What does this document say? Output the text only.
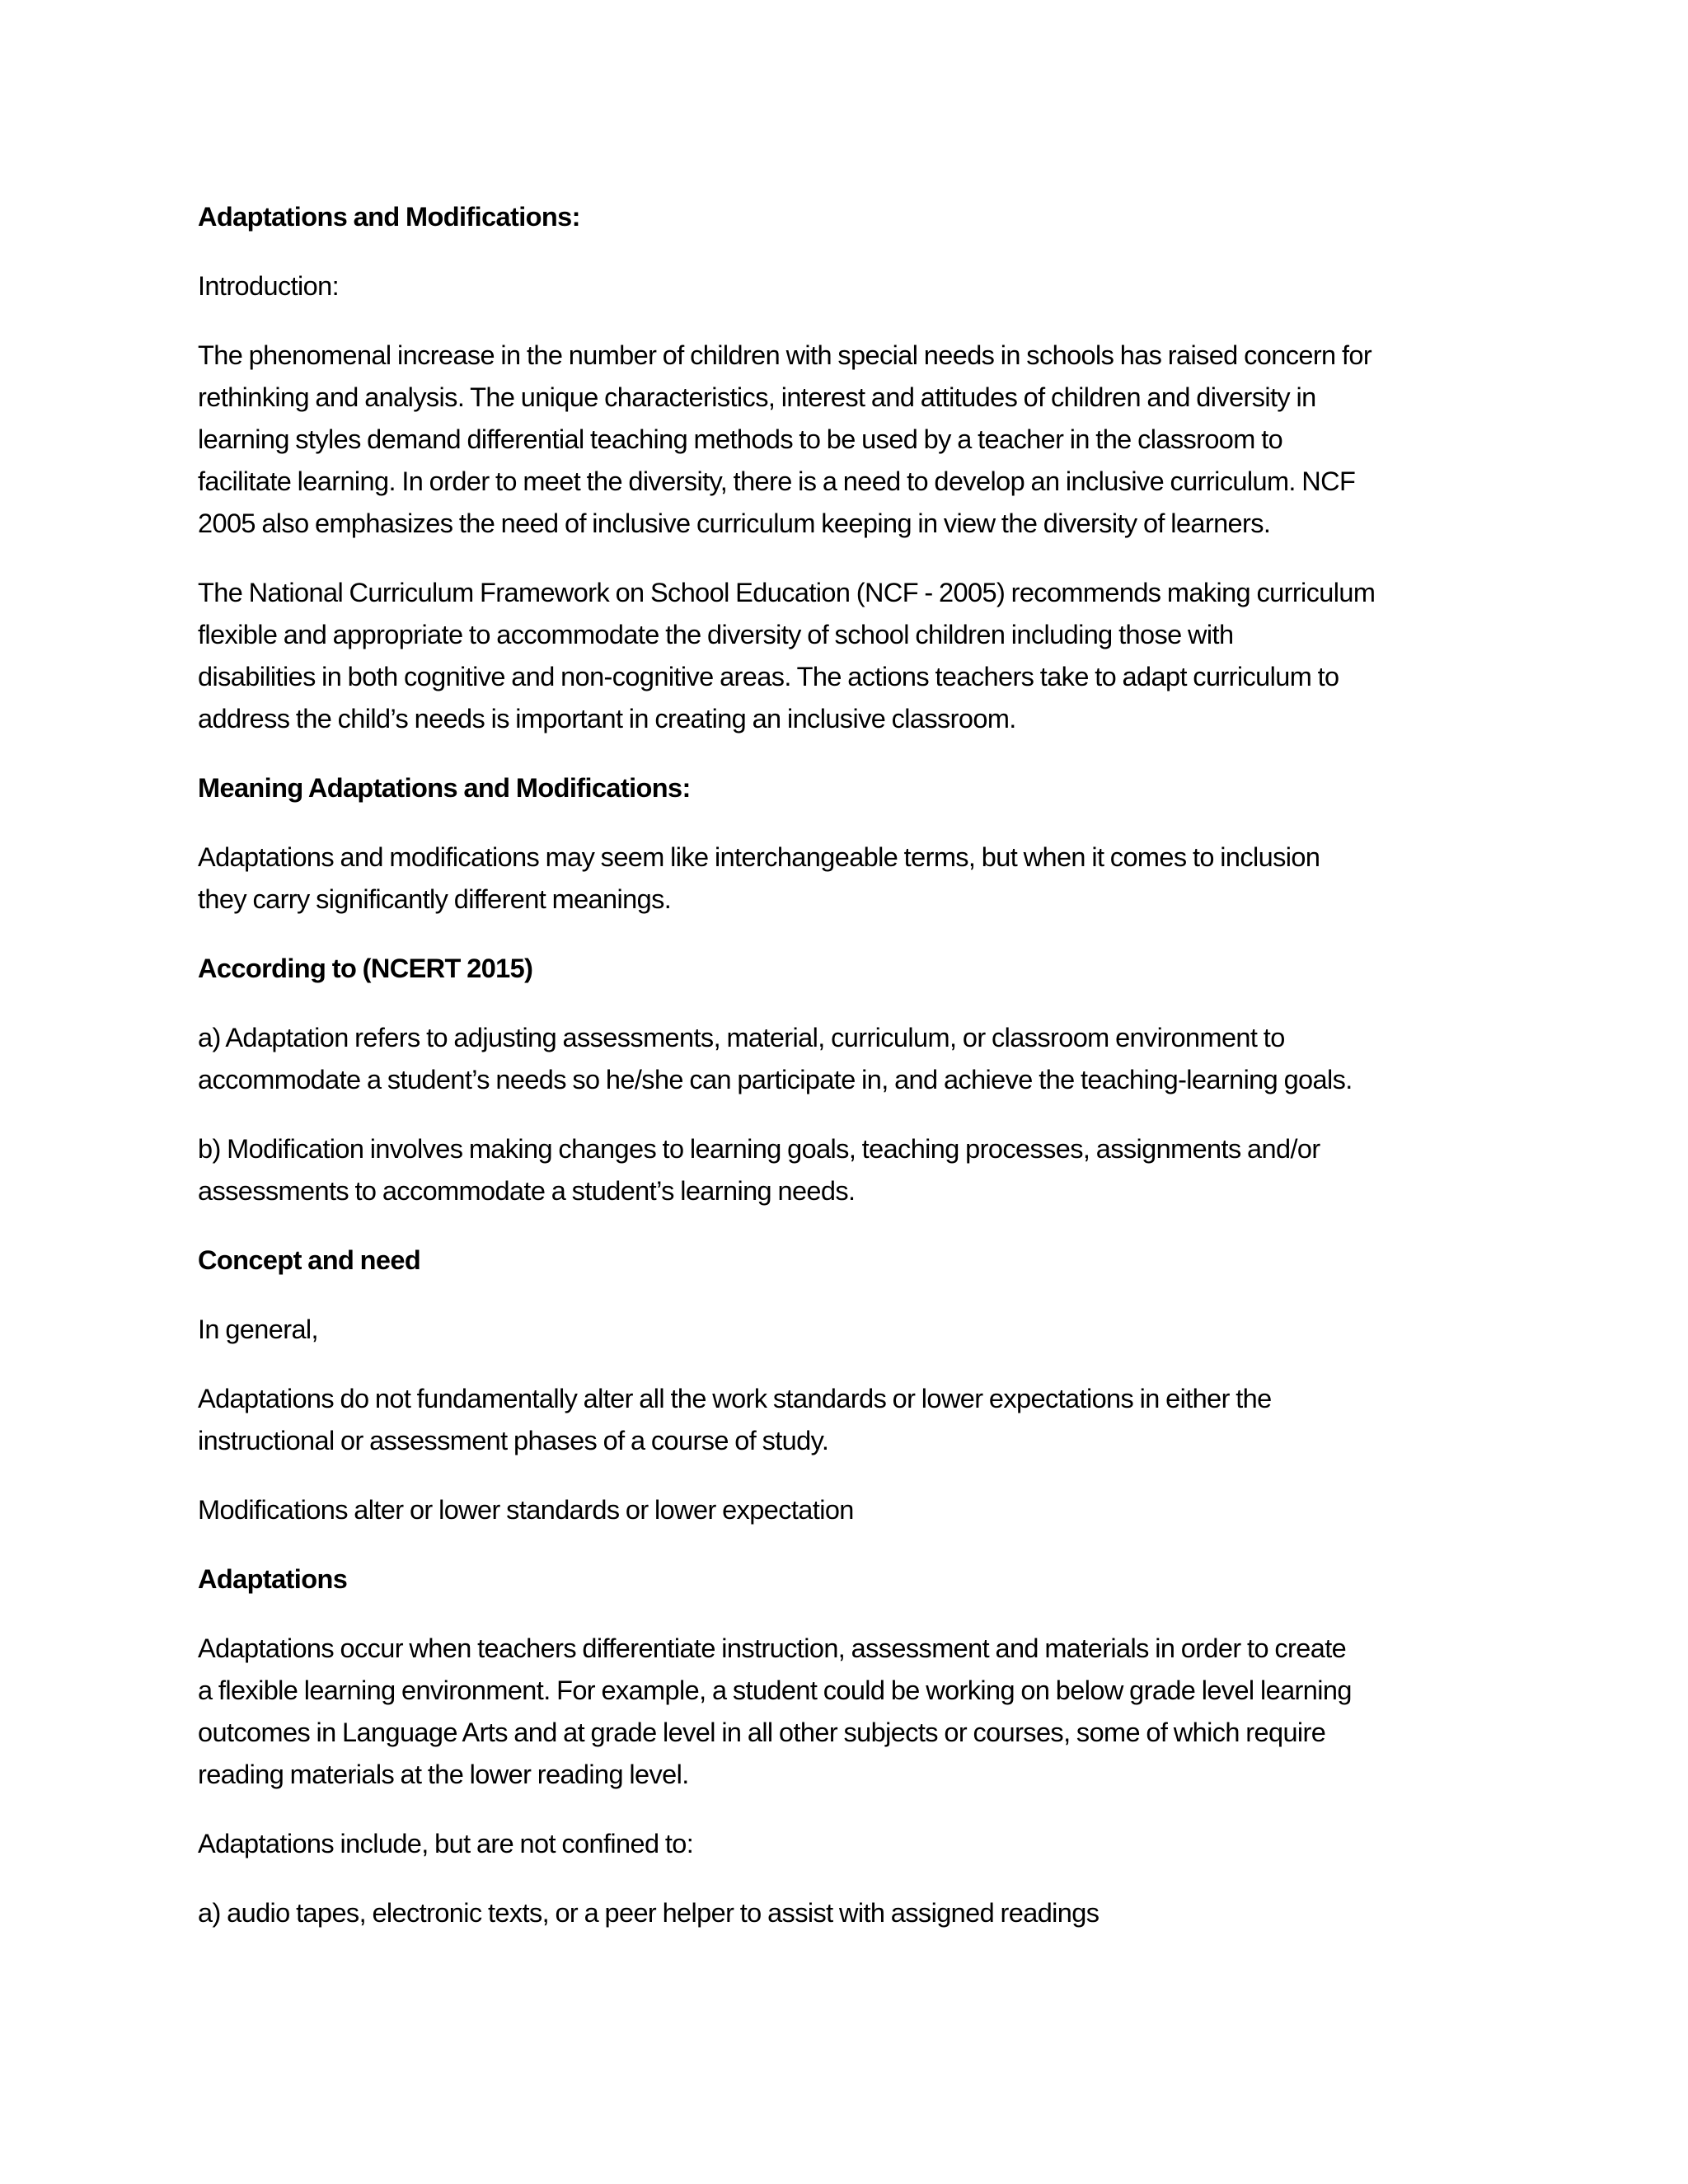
Adaptations and Modifications:
Introduction:
The phenomenal increase in the number of children with special needs in schools has raised concern for
rethinking and analysis. The unique characteristics, interest and attitudes of children and diversity in
learning styles demand differential teaching methods to be used by a teacher in the classroom to
facilitate learning. In order to meet the diversity, there is a need to develop an inclusive curriculum. NCF
2005 also emphasizes the need of inclusive curriculum keeping in view the diversity of learners.
The National Curriculum Framework on School Education (NCF - 2005) recommends making curriculum
flexible and appropriate to accommodate the diversity of school children including those with
disabilities in both cognitive and non-cognitive areas. The actions teachers take to adapt curriculum to
address the child’s needs is important in creating an inclusive classroom.
Meaning Adaptations and Modifications:
Adaptations and modifications may seem like interchangeable terms, but when it comes to inclusion
they carry significantly different meanings.
According to (NCERT 2015)
a) Adaptation refers to adjusting assessments, material, curriculum, or classroom environment to
accommodate a student’s needs so he/she can participate in, and achieve the teaching-learning goals.
b) Modification involves making changes to learning goals, teaching processes, assignments and/or
assessments to accommodate a student’s learning needs.
Concept and need
In general,
Adaptations do not fundamentally alter all the work standards or lower expectations in either the
instructional or assessment phases of a course of study.
Modifications alter or lower standards or lower expectation
Adaptations
Adaptations occur when teachers differentiate instruction, assessment and materials in order to create
a flexible learning environment. For example, a student could be working on below grade level learning
outcomes in Language Arts and at grade level in all other subjects or courses, some of which require
reading materials at the lower reading level.
Adaptations include, but are not confined to:
a) audio tapes, electronic texts, or a peer helper to assist with assigned readings
